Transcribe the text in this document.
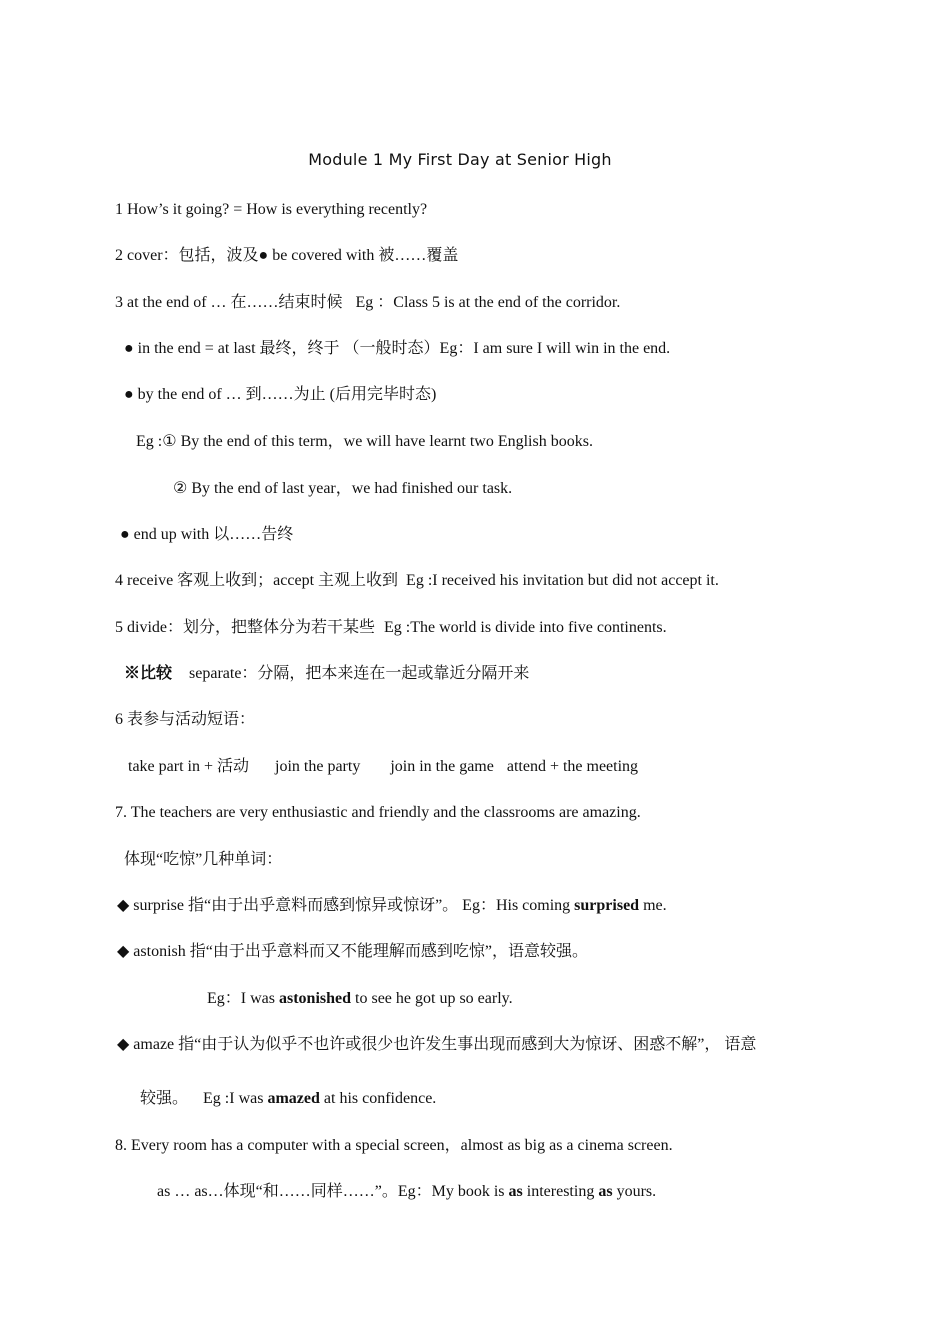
Module 1 My First Day at Senior High
1 How’s it going? = How is everything recently?
2 cover：包括，波及● be covered with 被……覆盖
3 at the end of … 在……结束时候 Eg ：Class 5 is at the end of the corridor.
● in the end = at last 最终，终于 （一般时态）Eg：I am sure I will win in the end.
● by the end of … 到……为止 (后用完毕时态)
Eg :① By the end of this term，we will have learnt two English books.
② By the end of last year，we had finished our task.
● end up with 以……告终
4 receive 客观上收到；accept 主观上收到 Eg :I received his invitation but did not accept it.
5 divide：划分，把整体分为若干某些 Eg :The world is divide into five continents.
※比较 separate：分隔，把本来连在一起或靠近分隔开来
6 表参与活动短语：
take part in + 活动 join the party join in the game attend + the meeting
7. The teachers are very enthusiastic and friendly and the classrooms are amazing.
体现“吃惊”几种单词：
◆ surprise 指“由于出乎意料而感到惊异或惊讶”。 Eg：His coming surprised me.
◆ astonish 指“由于出乎意料而又不能理解而感到吃惊”，语意较强。
Eg：I was astonished to see he got up so early.
◆ amaze 指“由于认为似乎不也许或很少也许发生事出现而感到大为惊讶、困惑不解”， 语意
较强。 Eg :I was amazed at his confidence.
8. Every room has a computer with a special screen，almost as big as a cinema screen.
as … as…体现“和……同样……”。Eg：My book is as interesting as yours.
